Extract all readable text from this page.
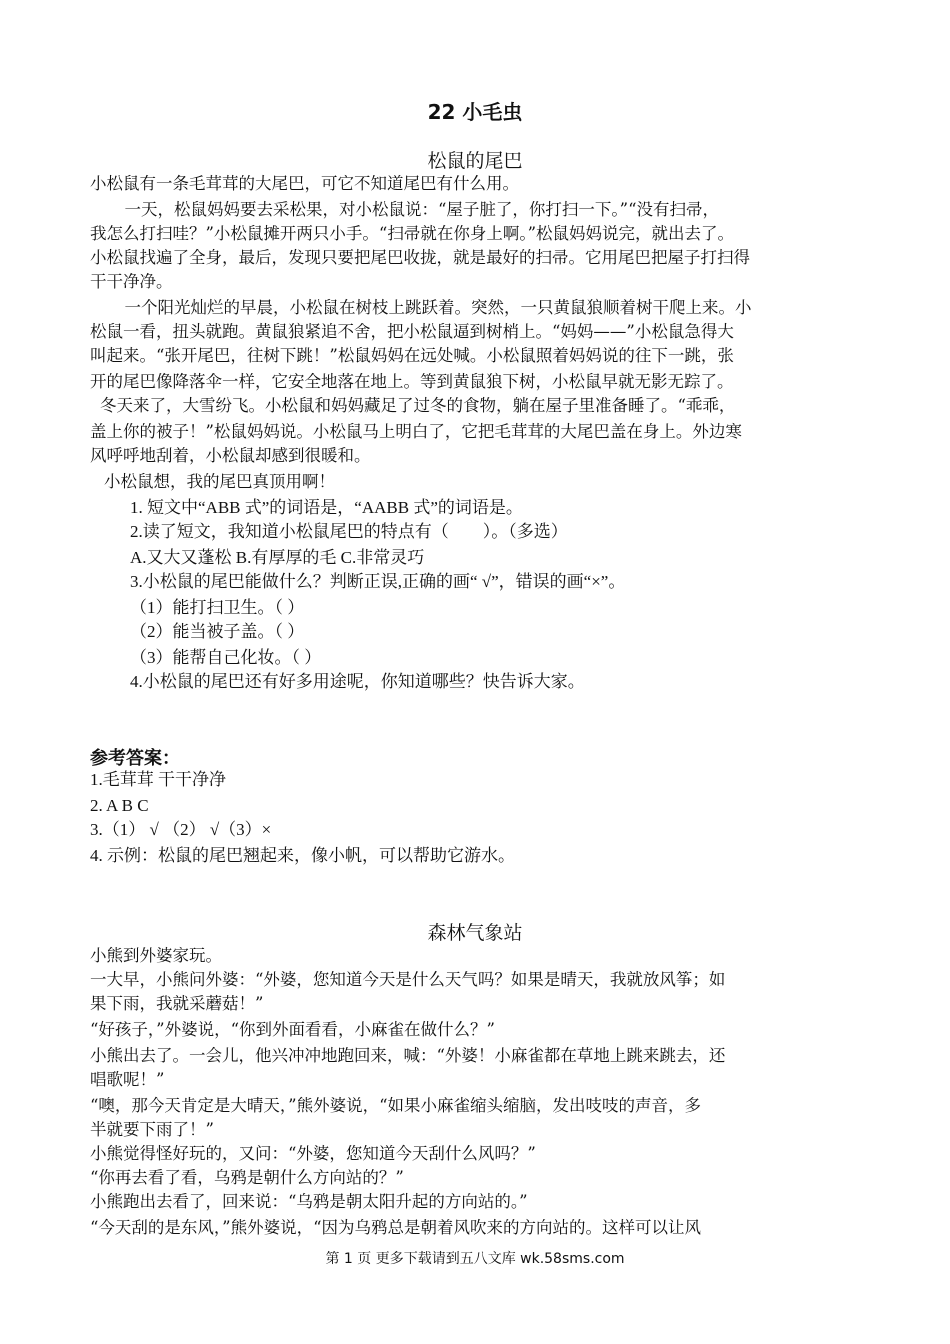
22 小毛虫
松鼠的尾巴
小松鼠有一条毛茸茸的大尾巴，可它不知道尾巴有什么用。
　一天，松鼠妈妈要去采松果，对小松鼠说：“屋子脏了，你打扫一下。”“没有扫帚，
我怎么打扫哇？”小松鼠摊开两只小手。“扫帚就在你身上啊。”松鼠妈妈说完，就出去了。
小松鼠找遍了全身，最后，发现只要把尾巴收拢，就是最好的扫帚。它用尾巴把屋子打扫得
干干净净。
　一个阳光灿烂的早晨，小松鼠在树枝上跳跃着。突然，一只黄鼠狼顺着树干爬上来。小
松鼠一看，扭头就跑。黄鼠狼紧追不舍，把小松鼠逼到树梢上。“妈妈——”小松鼠急得大
叫起来。“张开尾巴，往树下跳！”松鼠妈妈在远处喊。小松鼠照着妈妈说的往下一跳，张
开的尾巴像降落伞一样，它安全地落在地上。等到黄鼠狼下树，小松鼠早就无影无踪了。
冬天来了，大雪纷飞。小松鼠和妈妈藏足了过冬的食物，躺在屋子里准备睡了。“乖乖，
盖上你的被子！”松鼠妈妈说。小松鼠马上明白了，它把毛茸茸的大尾巴盖在身上。外边寒
风呼呼地刮着，小松鼠却感到很暖和。
小松鼠想，我的尾巴真顶用啊！
1. 短文中“ABB 式”的词语是，“AABB 式”的词语是。
2.读了短文，我知道小松鼠尾巴的特点有（　　）。（多选）
A.又大又蓬松 B.有厚厚的毛 C.非常灵巧
3.小松鼠的尾巴能做什么？判断正误,正确的画“ √”，错误的画“×”。
（1）能打扫卫生。（ ）
（2）能当被子盖。（ ）
（3）能帮自己化妆。（ ）
4.小松鼠的尾巴还有好多用途呢，你知道哪些？快告诉大家。
参考答案：
1.毛茸茸 干干净净
2. A B C
3.（1） √ （2） √（3）×
4. 示例：松鼠的尾巴翘起来，像小帆，可以帮助它游水。
森林气象站
小熊到外婆家玩。
一大早，小熊问外婆：“外婆，您知道今天是什么天气吗？如果是晴天，我就放风筝；如
果下雨，我就采蘑菇！”
“好孩子，”外婆说，“你到外面看看，小麻雀在做什么？”
小熊出去了。一会儿，他兴冲冲地跑回来，喊：“外婆！小麻雀都在草地上跳来跳去，还
唱歌呢！”
“噢，那今天肯定是大晴天，”熊外婆说，“如果小麻雀缩头缩脑，发出吱吱的声音，多
半就要下雨了！”
小熊觉得怪好玩的，又问：“外婆，您知道今天刮什么风吗？”
“你再去看了看，乌鸦是朝什么方向站的？”
小熊跑出去看了，回来说：“乌鸦是朝太阳升起的方向站的。”
“今天刮的是东风，”熊外婆说，“因为乌鸦总是朝着风吹来的方向站的。这样可以让风
第 1 页 更多下载请到五八文库 wk.58sms.com
